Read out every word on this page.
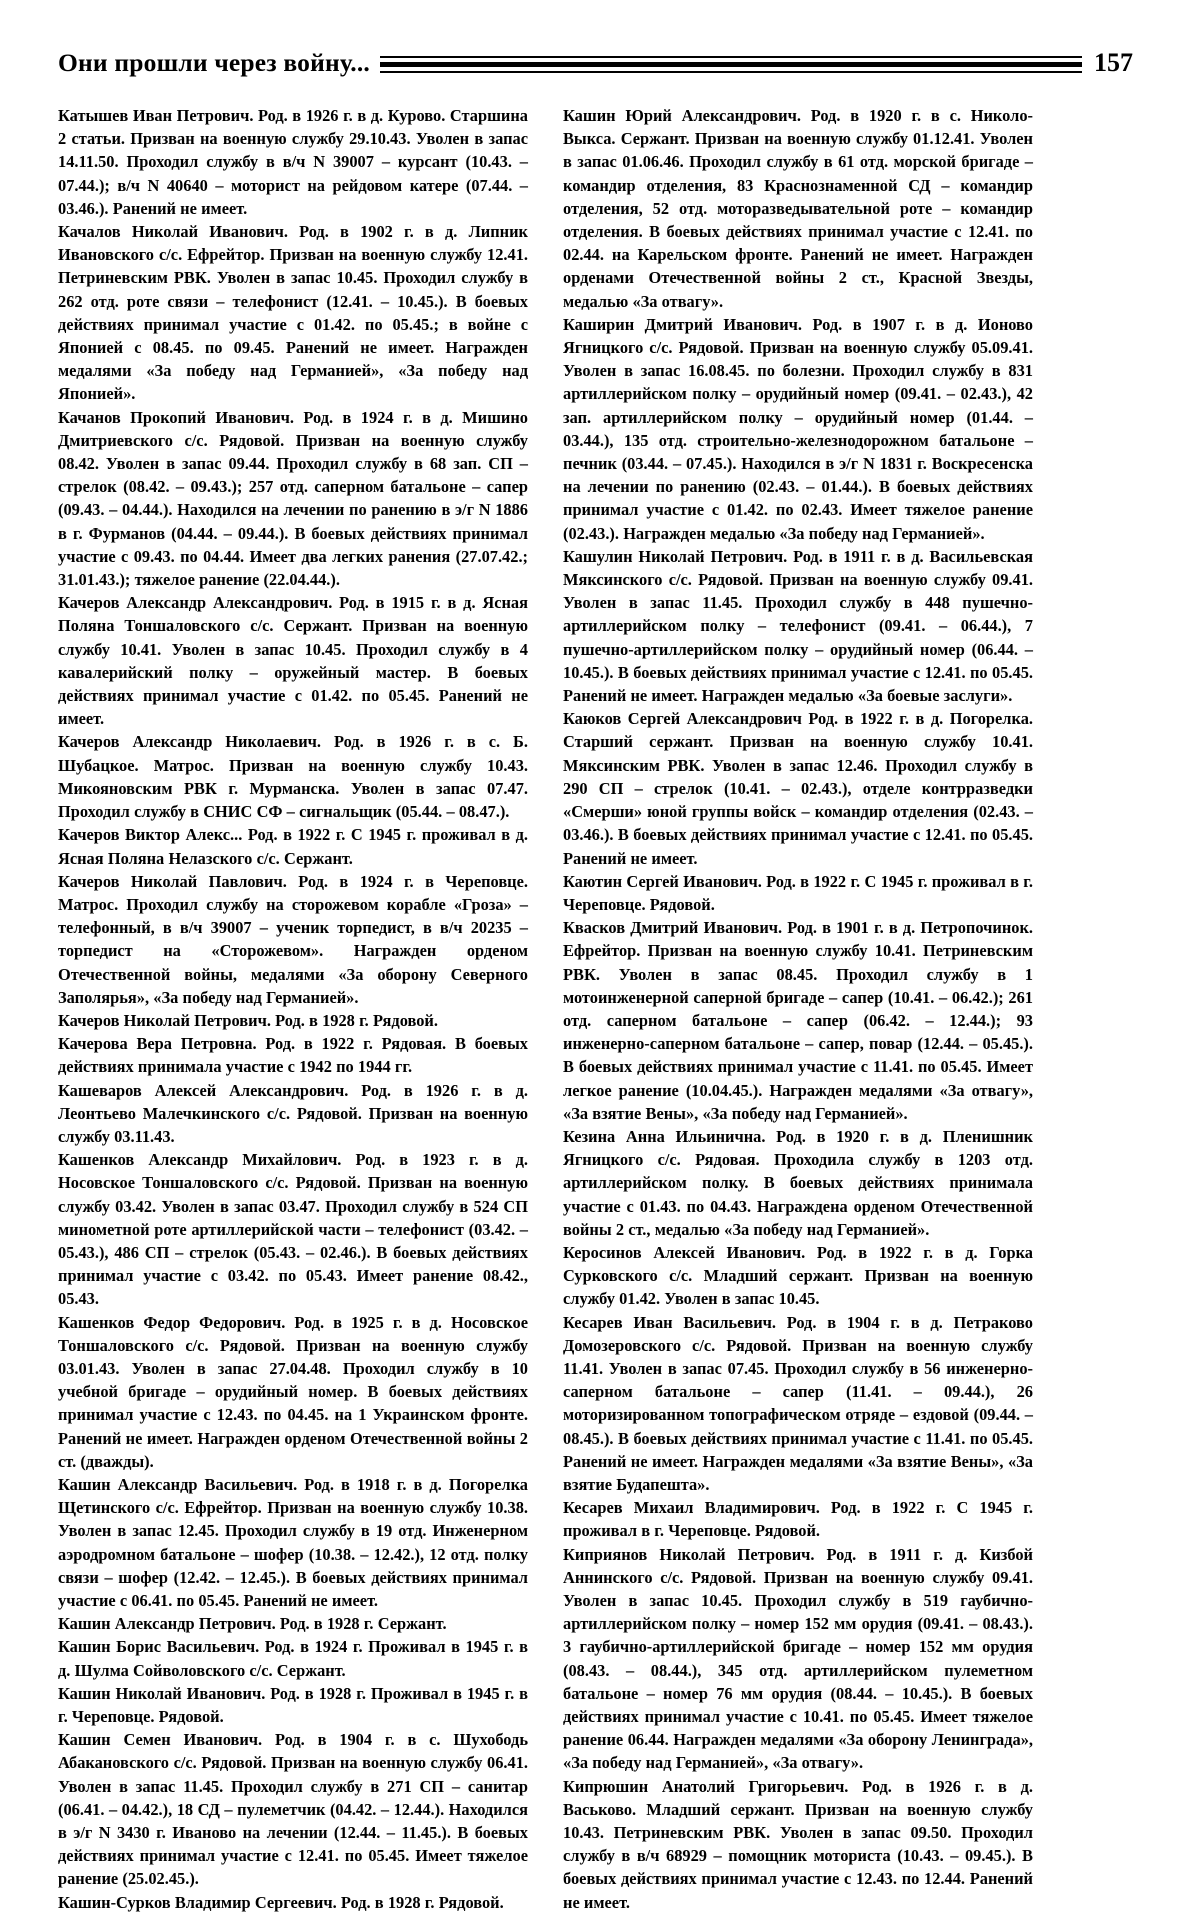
Они прошли через войну...	157

Катышев Иван Петрович. Род. в 1926 г. в д. Курово. Старшина 2 статьи. Призван на военную службу 29.10.43. Уволен в запас 14.11.50. Проходил службу в в/ч N 39007 – курсант (10.43. – 07.44.); в/ч N 40640 – моторист на рейдовом катере (07.44. – 03.46.). Ранений не имеет.

Качалов Николай Иванович. Род. в 1902 г. в д. Липник Ивановского с/с. Ефрейтор. Призван на военную службу 12.41. Петриневским РВК. Уволен в запас 10.45. Проходил службу в 262 отд. роте связи – телефонист (12.41. – 10.45.). В боевых действиях принимал участие с 01.42. по 05.45.; в войне с Японией с 08.45. по 09.45. Ранений не имеет. Награжден медалями «За победу над Германией», «За победу над Японией».

Качанов Прокопий Иванович. Род. в 1924 г. в д. Мишино Дмитриевского с/с. Рядовой. Призван на военную службу 08.42. Уволен в запас 09.44. Проходил службу в 68 зап. СП – стрелок (08.42. – 09.43.); 257 отд. саперном батальоне – сапер (09.43. – 04.44.). Находился на лечении по ранению в э/г N 1886 в г. Фурманов (04.44. – 09.44.). В боевых действиях принимал участие с 09.43. по 04.44. Имеет два легких ранения (27.07.42.; 31.01.43.); тяжелое ранение (22.04.44.).

Качеров Александр Александрович. Род. в 1915 г. в д. Ясная Поляна Тоншаловского с/с. Сержант. Призван на военную службу 10.41. Уволен в запас 10.45. Проходил службу в 4 кавалерийский полку – оружейный мастер. В боевых действиях принимал участие с 01.42. по 05.45. Ранений не имеет.

Качеров Александр Николаевич. Род. в 1926 г. в с. Б. Шубацкое. Матрос. Призван на военную службу 10.43. Микояновским РВК г. Мурманска. Уволен в запас 07.47. Проходил службу в СНИС СФ – сигнальщик (05.44. – 08.47.).

Качеров Виктор Алекс... Род. в 1922 г. С 1945 г. проживал в д. Ясная Поляна Нелазского с/с. Сержант.

Качеров Николай Павлович. Род. в 1924 г. в Череповце. Матрос. Проходил службу на сторожевом корабле «Гроза» – телефонный, в в/ч 39007 – ученик торпедист, в в/ч 20235 – торпедист на «Сторожевом». Награжден орденом Отечественной войны, медалями «За оборону Северного Заполярья», «За победу над Германией».

Качеров Николай Петрович. Род. в 1928 г. Рядовой.

Качерова Вера Петровна. Род. в 1922 г. Рядовая. В боевых действиях принимала участие с 1942 по 1944 гг.

Кашеваров Алексей Александрович. Род. в 1926 г. в д. Леонтьево Малечкинского с/с. Рядовой. Призван на военную службу 03.11.43.

Кашенков Александр Михайлович. Род. в 1923 г. в д. Носовское Тоншаловского с/с. Рядовой. Призван на военную службу 03.42. Уволен в запас 03.47. Проходил службу в 524 СП минометной роте артиллерийской части – телефонист (03.42. – 05.43.), 486 СП – стрелок (05.43. – 02.46.). В боевых действиях принимал участие с 03.42. по 05.43. Имеет ранение 08.42., 05.43.

Кашенков Федор Федорович. Род. в 1925 г. в д. Носовское Тоншаловского с/с. Рядовой. Призван на военную службу 03.01.43. Уволен в запас 27.04.48. Проходил службу в 10 учебной бригаде – орудийный номер. В боевых действиях принимал участие с 12.43. по 04.45. на 1 Украинском фронте. Ранений не имеет. Награжден орденом Отечественной войны 2 ст. (дважды).

Кашин Александр Васильевич. Род. в 1918 г. в д. Погорелка Щетинского с/с. Ефрейтор. Призван на военную службу 10.38. Уволен в запас 12.45. Проходил службу в 19 отд. Инженерном аэродромном батальоне – шофер (10.38. – 12.42.), 12 отд. полку связи – шофер (12.42. – 12.45.). В боевых действиях принимал участие с 06.41. по 05.45. Ранений не имеет.

Кашин Александр Петрович. Род. в 1928 г. Сержант.

Кашин Борис Васильевич. Род. в 1924 г. Проживал в 1945 г. в д. Шулма Сойволовского с/с. Сержант.

Кашин Николай Иванович. Род. в 1928 г. Проживал в 1945 г. в г. Череповце. Рядовой.

Кашин Семен Иванович. Род. в 1904 г. в с. Шухободь Абакановского с/с. Рядовой. Призван на военную службу 06.41. Уволен в запас 11.45. Проходил службу в 271 СП – санитар (06.41. – 04.42.), 18 СД – пулеметчик (04.42. – 12.44.). Находился в э/г N 3430 г. Иваново на лечении (12.44. – 11.45.). В боевых действиях принимал участие с 12.41. по 05.45. Имеет тяжелое ранение (25.02.45.).

Кашин-Сурков Владимир Сергеевич. Род. в 1928 г. Рядовой.

Кашин Юрий Александрович. Род. в 1920 г. в с. Николо-Выкса. Сержант. Призван на военную службу 01.12.41. Уволен в запас 01.06.46. Проходил службу в 61 отд. морской бригаде – командир отделения, 83 Краснознаменной СД – командир отделения, 52 отд. моторазведывательной роте – командир отделения. В боевых действиях принимал участие с 12.41. по 02.44. на Карельском фронте. Ранений не имеет. Награжден орденами Отечественной войны 2 ст., Красной Звезды, медалью «За отвагу».

Каширин Дмитрий Иванович. Род. в 1907 г. в д. Ионово Ягницкого с/с. Рядовой. Призван на военную службу 05.09.41. Уволен в запас 16.08.45. по болезни. Проходил службу в 831 артиллерийском полку – орудийный номер (09.41. – 02.43.), 42 зап. артиллерийском полку – орудийный номер (01.44. – 03.44.), 135 отд. строительно-железнодорожном батальоне – печник (03.44. – 07.45.). Находился в э/г N 1831 г. Воскресенска на лечении по ранению (02.43. – 01.44.). В боевых действиях принимал участие с 01.42. по 02.43. Имеет тяжелое ранение (02.43.). Награжден медалью «За победу над Германией».

Кашулин Николай Петрович. Род. в 1911 г. в д. Васильевская Мяксинского с/с. Рядовой. Призван на военную службу 09.41. Уволен в запас 11.45. Проходил службу в 448 пушечно-артиллерийском полку – телефонист (09.41. – 06.44.), 7 пушечно-артиллерийском полку – орудийный номер (06.44. – 10.45.). В боевых действиях принимал участие с 12.41. по 05.45. Ранений не имеет. Награжден медалью «За боевые заслуги».

Каюков Сергей Александрович Род. в 1922 г. в д. Погорелка. Старший сержант. Призван на военную службу 10.41. Мяксинским РВК. Уволен в запас 12.46. Проходил службу в 290 СП – стрелок (10.41. – 02.43.), отделе контрразведки «Смерши» юной группы войск – командир отделения (02.43. – 03.46.). В боевых действиях принимал участие с 12.41. по 05.45. Ранений не имеет.

Каютин Сергей Иванович. Род. в 1922 г. С 1945 г. проживал в г. Череповце. Рядовой.

Квасков Дмитрий Иванович. Род. в 1901 г. в д. Петропочинок. Ефрейтор. Призван на военную службу 10.41. Петриневским РВК. Уволен в запас 08.45. Проходил службу в 1 мотоинженерной саперной бригаде – сапер (10.41. – 06.42.); 261 отд. саперном батальоне – сапер (06.42. – 12.44.); 93 инженерно-саперном батальоне – сапер, повар (12.44. – 05.45.). В боевых действиях принимал участие с 11.41. по 05.45. Имеет легкое ранение (10.04.45.). Награжден медалями «За отвагу», «За взятие Вены», «За победу над Германией».

Кезина Анна Ильинична. Род. в 1920 г. в д. Пленишник Ягницкого с/с. Рядовая. Проходила службу в 1203 отд. артиллерийском полку. В боевых действиях принимала участие с 01.43. по 04.43. Награждена орденом Отечественной войны 2 ст., медалью «За победу над Германией».

Керосинов Алексей Иванович. Род. в 1922 г. в д. Горка Сурковского с/с. Младший сержант. Призван на военную службу 01.42. Уволен в запас 10.45.

Кесарев Иван Васильевич. Род. в 1904 г. в д. Петраково Домозеровского с/с. Рядовой. Призван на военную службу 11.41. Уволен в запас 07.45. Проходил службу в 56 инженерно-саперном батальоне – сапер (11.41. – 09.44.), 26 моторизированном топографическом отряде – ездовой (09.44. – 08.45.). В боевых действиях принимал участие с 11.41. по 05.45. Ранений не имеет. Награжден медалями «За взятие Вены», «За взятие Будапешта».

Кесарев Михаил Владимирович. Род. в 1922 г. С 1945 г. проживал в г. Череповце. Рядовой.

Киприянов Николай Петрович. Род. в 1911 г. д. Кизбой Аннинского с/с. Рядовой. Призван на военную службу 09.41. Уволен в запас 10.45. Проходил службу в 519 гаубично-артиллерийском полку – номер 152 мм орудия (09.41. – 08.43.). 3 гаубично-артиллерийской бригаде – номер 152 мм орудия (08.43. – 08.44.), 345 отд. артиллерийском пулеметном батальоне – номер 76 мм орудия (08.44. – 10.45.). В боевых действиях принимал участие с 10.41. по 05.45. Имеет тяжелое ранение 06.44. Награжден медалями «За оборону Ленинграда», «За победу над Германией», «За отвагу».

Кипрюшин Анатолий Григорьевич. Род. в 1926 г. в д. Васьково. Младший сержант. Призван на военную службу 10.43. Петриневским РВК. Уволен в запас 09.50. Проходил службу в в/ч 68929 – помощник моториста (10.43. – 09.45.). В боевых действиях принимал участие с 12.43. по 12.44. Ранений не имеет.
